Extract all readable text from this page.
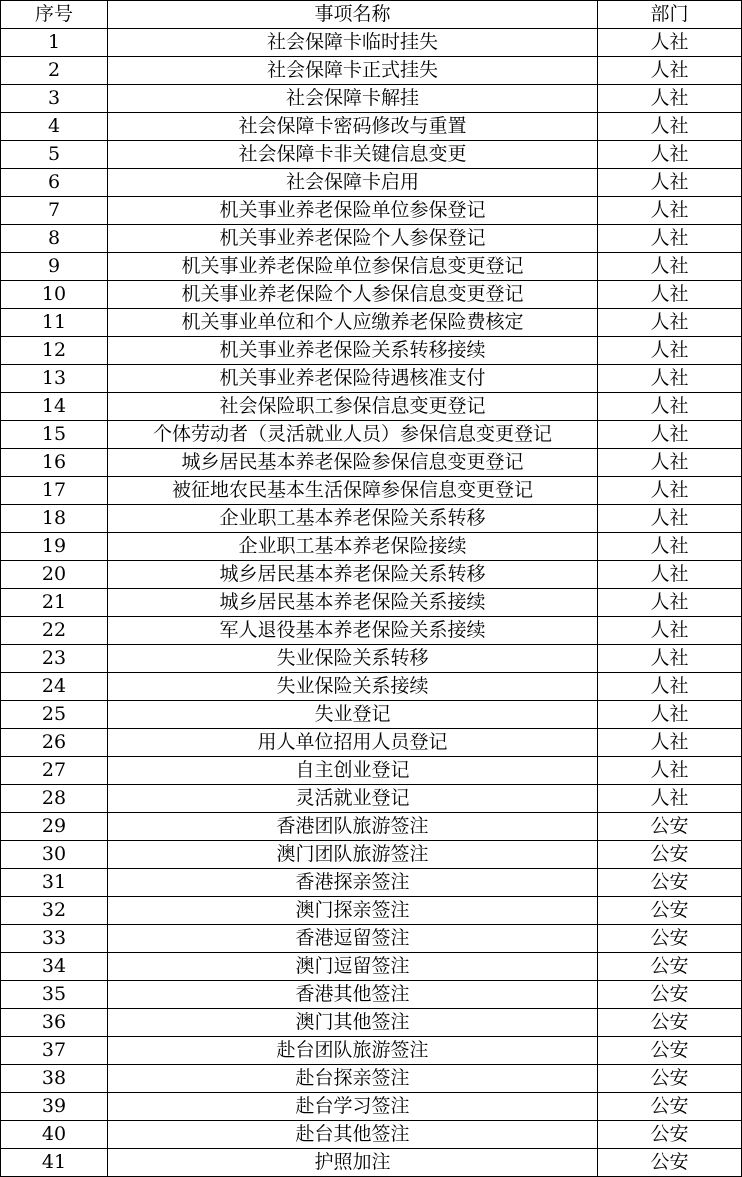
序号	事项名称	部门
1	社会保障卡临时挂失	人社
2	社会保障卡正式挂失	人社
3	社会保障卡解挂	人社
4	社会保障卡密码修改与重置	人社
5	社会保障卡非关键信息变更	人社
6	社会保障卡启用	人社
7	机关事业养老保险单位参保登记	人社
8	机关事业养老保险个人参保登记	人社
9	机关事业养老保险单位参保信息变更登记	人社
10	机关事业养老保险个人参保信息变更登记	人社
11	机关事业单位和个人应缴养老保险费核定	人社
12	机关事业养老保险关系转移接续	人社
13	机关事业养老保险待遇核准支付	人社
14	社会保险职工参保信息变更登记	人社
15	个体劳动者（灵活就业人员）参保信息变更登记	人社
16	城乡居民基本养老保险参保信息变更登记	人社
17	被征地农民基本生活保障参保信息变更登记	人社
18	企业职工基本养老保险关系转移	人社
19	企业职工基本养老保险接续	人社
20	城乡居民基本养老保险关系转移	人社
21	城乡居民基本养老保险关系接续	人社
22	军人退役基本养老保险关系接续	人社
23	失业保险关系转移	人社
24	失业保险关系接续	人社
25	失业登记	人社
26	用人单位招用人员登记	人社
27	自主创业登记	人社
28	灵活就业登记	人社
29	香港团队旅游签注	公安
30	澳门团队旅游签注	公安
31	香港探亲签注	公安
32	澳门探亲签注	公安
33	香港逗留签注	公安
34	澳门逗留签注	公安
35	香港其他签注	公安
36	澳门其他签注	公安
37	赴台团队旅游签注	公安
38	赴台探亲签注	公安
39	赴台学习签注	公安
40	赴台其他签注	公安
41	护照加注	公安
